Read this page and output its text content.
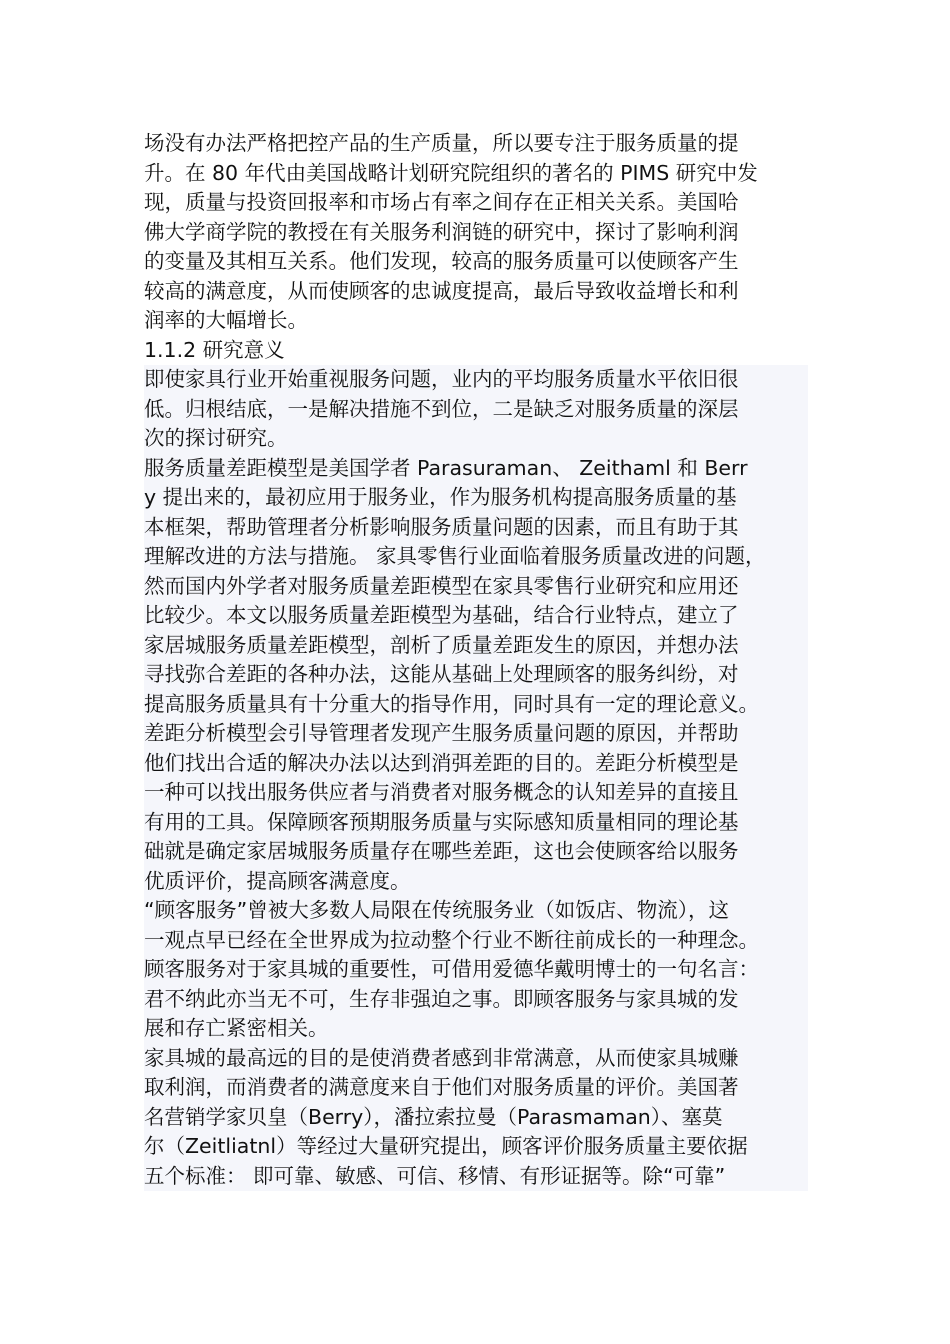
场没有办法严格把控产品的生产质量，所以要专注于服务质量的提
升。在 80 年代由美国战略计划研究院组织的著名的 PIMS 研究中发
现，质量与投资回报率和市场占有率之间存在正相关关系。美国哈
佛大学商学院的教授在有关服务利润链的研究中，探讨了影响利润
的变量及其相互关系。他们发现，较高的服务质量可以使顾客产生
较高的满意度，从而使顾客的忠诚度提高，最后导致收益增长和利
润率的大幅增长。
1.1.2 研究意义
即使家具行业开始重视服务问题，业内的平均服务质量水平依旧很
低。归根结底，一是解决措施不到位，二是缺乏对服务质量的深层
次的探讨研究。
服务质量差距模型是美国学者 Parasuraman、 Zeithaml 和 Berr
y 提出来的，最初应用于服务业，作为服务机构提高服务质量的基
本框架，帮助管理者分析影响服务质量问题的因素，而且有助于其
理解改进的方法与措施。 家具零售行业面临着服务质量改进的问题，
然而国内外学者对服务质量差距模型在家具零售行业研究和应用还
比较少。本文以服务质量差距模型为基础，结合行业特点，建立了
家居城服务质量差距模型，剖析了质量差距发生的原因，并想办法
寻找弥合差距的各种办法，这能从基础上处理顾客的服务纠纷，对
提高服务质量具有十分重大的指导作用，同时具有一定的理论意义。
差距分析模型会引导管理者发现产生服务质量问题的原因，并帮助
他们找出合适的解决办法以达到消弭差距的目的。差距分析模型是
一种可以找出服务供应者与消费者对服务概念的认知差异的直接且
有用的工具。保障顾客预期服务质量与实际感知质量相同的理论基
础就是确定家居城服务质量存在哪些差距，这也会使顾客给以服务
优质评价，提高顾客满意度。
“顾客服务”曾被大多数人局限在传统服务业（如饭店、物流），这
一观点早已经在全世界成为拉动整个行业不断往前成长的一种理念。
顾客服务对于家具城的重要性，可借用爱德华戴明博士的一句名言：
君不纳此亦当无不可，生存非强迫之事。即顾客服务与家具城的发
展和存亡紧密相关。
家具城的最高远的目的是使消费者感到非常满意，从而使家具城赚
取利润，而消费者的满意度来自于他们对服务质量的评价。美国著
名营销学家贝皇（Berry），潘拉索拉曼（Parasmaman）、塞莫
尔（Zeitliatnl）等经过大量研究提出，顾客评价服务质量主要依据
五个标准： 即可靠、敏感、可信、移情、有形证据等。除“可靠”
